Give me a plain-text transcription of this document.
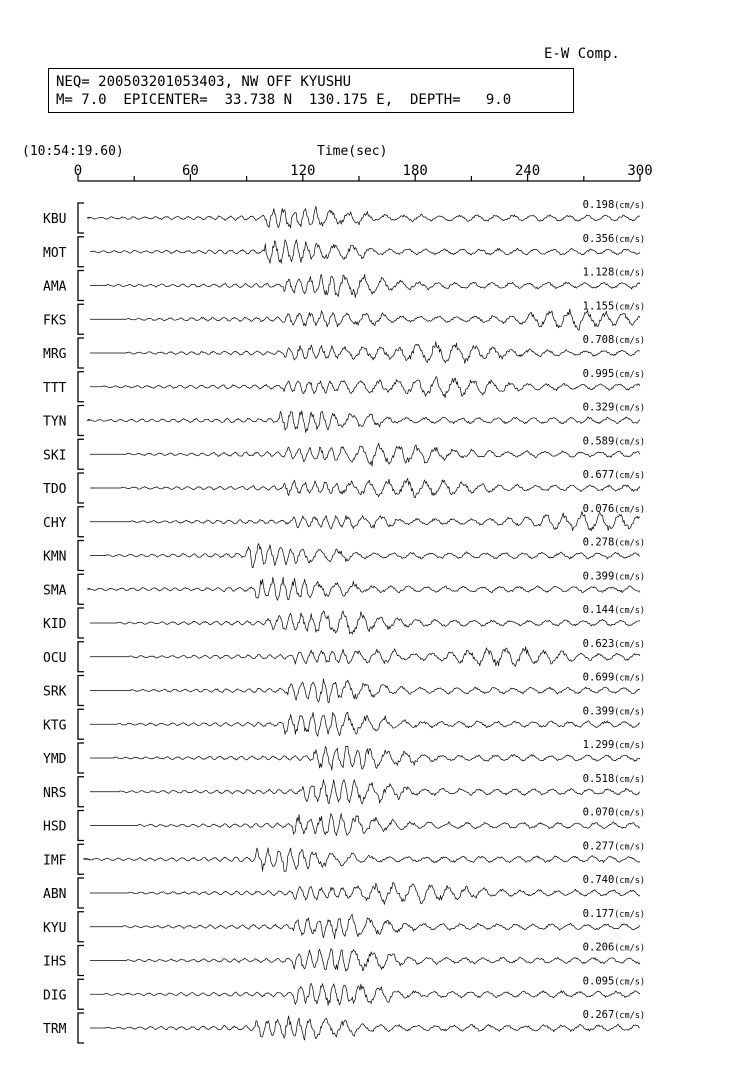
E-W Comp.
NEQ= 200503201053403, NW OFF KYUSHU
M= 7.0  EPICENTER=  33.738 N  130.175 E,  DEPTH=   9.0
(10:54:19.60)	Time(sec)
0	60	120	180	240	300
KBU
0.198(cm/s)
MOT
0.356(cm/s)
AMA
1.128(cm/s)
FKS
1.155(cm/s)
MRG
0.708(cm/s)
TTT
0.995(cm/s)
TYN
0.329(cm/s)
SKI
0.589(cm/s)
TDO
0.677(cm/s)
CHY
0.076(cm/s)
KMN
0.278(cm/s)
SMA
0.399(cm/s)
KID
0.144(cm/s)
OCU
0.623(cm/s)
SRK
0.699(cm/s)
KTG
0.399(cm/s)
YMD
1.299(cm/s)
NRS
0.518(cm/s)
HSD
0.070(cm/s)
IMF
0.277(cm/s)
ABN
0.740(cm/s)
KYU
0.177(cm/s)
IHS
0.206(cm/s)
DIG
0.095(cm/s)
TRM
0.267(cm/s)
